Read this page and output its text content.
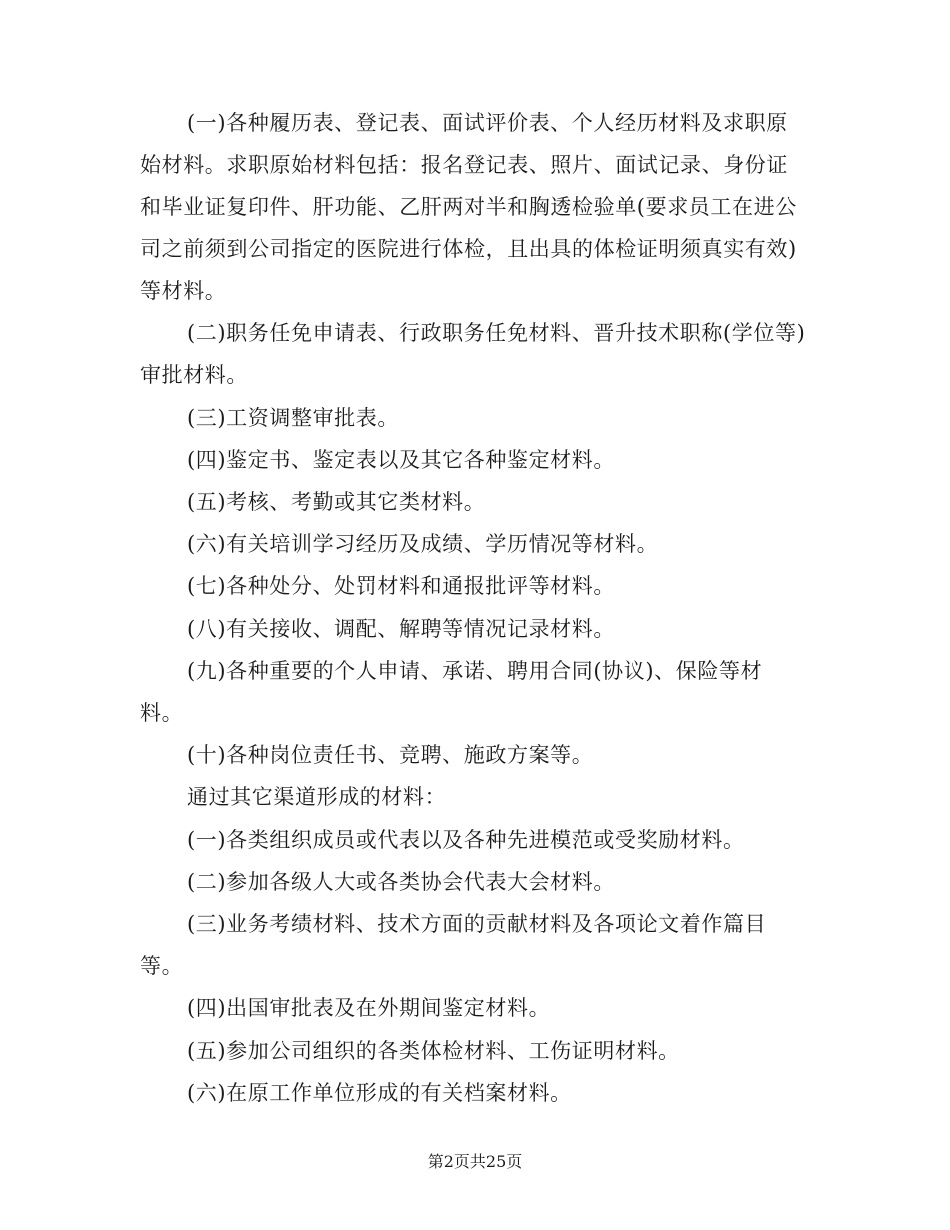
(一)各种履历表、登记表、面试评价表、个人经历材料及求职原
始材料。求职原始材料包括：报名登记表、照片、面试记录、身份证
和毕业证复印件、肝功能、乙肝两对半和胸透检验单(要求员工在进公
司之前须到公司指定的医院进行体检，且出具的体检证明须真实有效)
等材料。
(二)职务任免申请表、行政职务任免材料、晋升技术职称(学位等)
审批材料。
(三)工资调整审批表。
(四)鉴定书、鉴定表以及其它各种鉴定材料。
(五)考核、考勤或其它类材料。
(六)有关培训学习经历及成绩、学历情况等材料。
(七)各种处分、处罚材料和通报批评等材料。
(八)有关接收、调配、解聘等情况记录材料。
(九)各种重要的个人申请、承诺、聘用合同(协议)、保险等材
料。
(十)各种岗位责任书、竞聘、施政方案等。
通过其它渠道形成的材料：
(一)各类组织成员或代表以及各种先进模范或受奖励材料。
(二)参加各级人大或各类协会代表大会材料。
(三)业务考绩材料、技术方面的贡献材料及各项论文着作篇目
等。
(四)出国审批表及在外期间鉴定材料。
(五)参加公司组织的各类体检材料、工伤证明材料。
(六)在原工作单位形成的有关档案材料。
第2页共25页
